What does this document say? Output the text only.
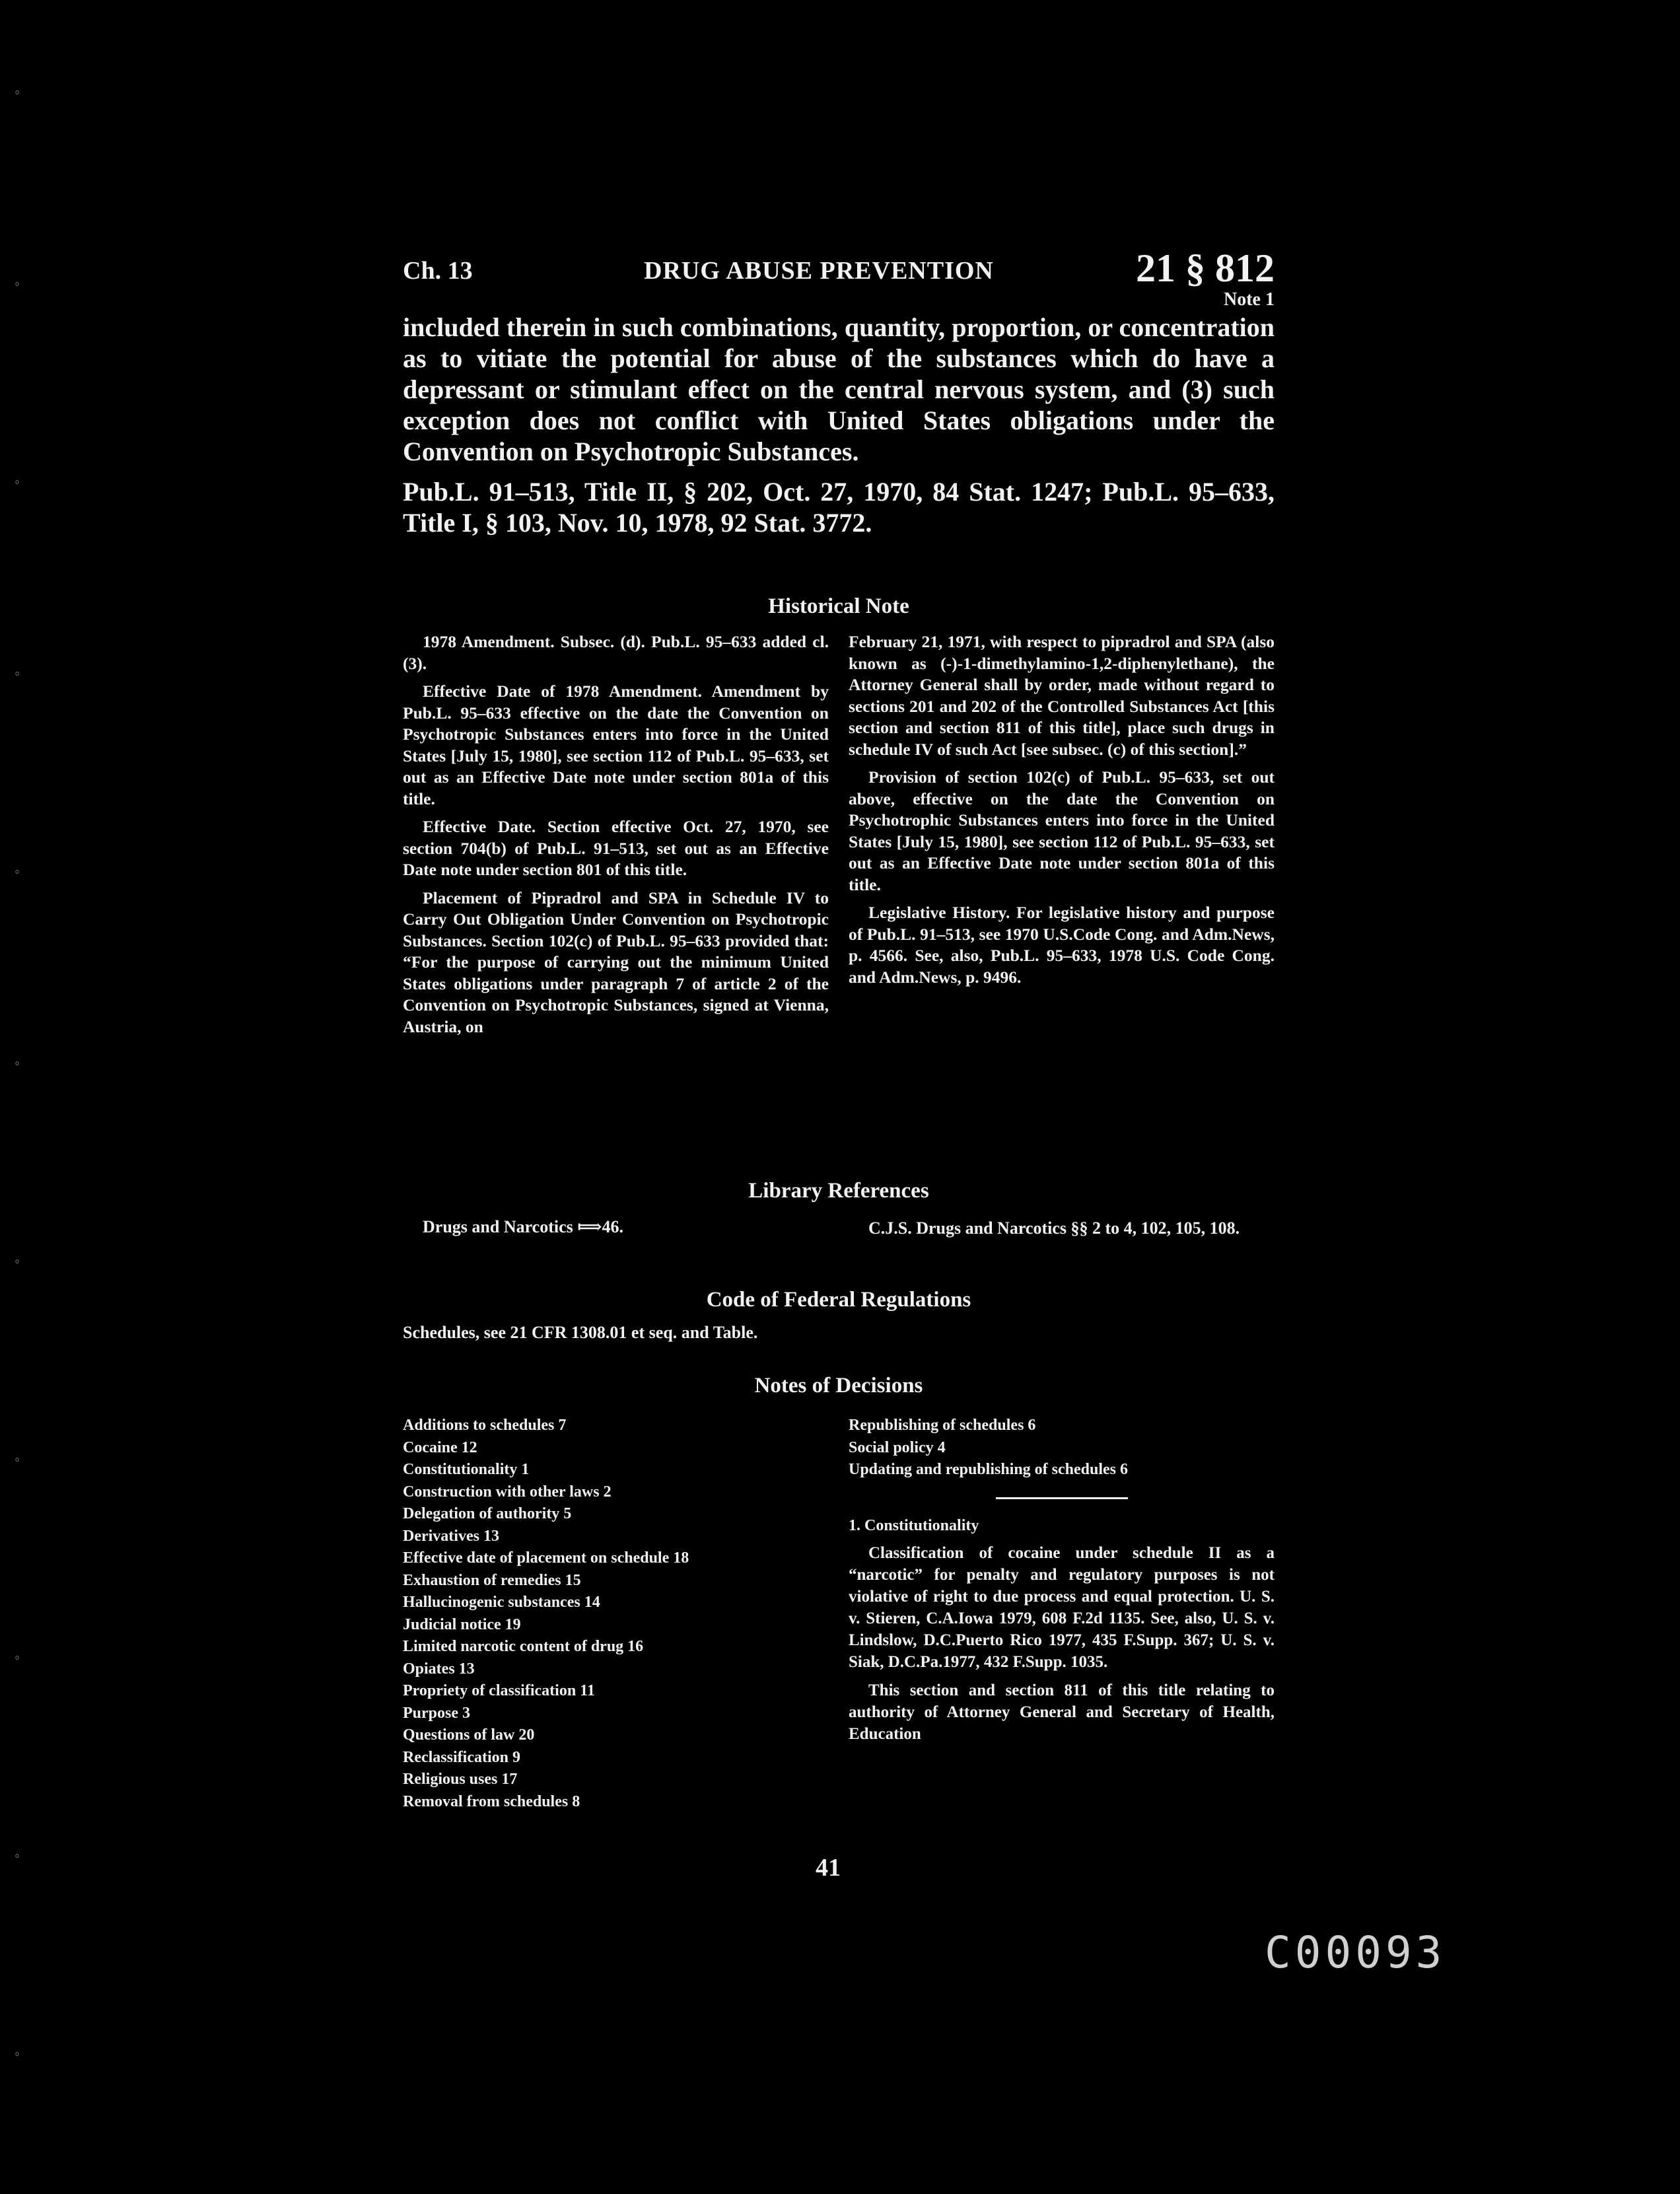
ﾟ
ﾟ
ﾟ
ﾟ
ﾟ
ﾟ
ﾟ
ﾟ
ﾟ
ﾟ
ﾟ
Ch. 13	DRUG ABUSE PREVENTION	21 § 812
Note 1

included therein in such combinations, quantity, proportion, or concentration as to vitiate the potential for abuse of the substances which do have a depressant or stimulant effect on the central nervous system, and (3) such exception does not conflict with United States obligations under the Convention on Psychotropic Substances.

Pub.L. 91–513, Title II, § 202, Oct. 27, 1970, 84 Stat. 1247; Pub.L. 95–633, Title I, § 103, Nov. 10, 1978, 92 Stat. 3772.

Historical Note

1978 Amendment. Subsec. (d). Pub.L. 95–633 added cl. (3).

Effective Date of 1978 Amendment. Amendment by Pub.L. 95–633 effective on the date the Convention on Psychotropic Substances enters into force in the United States [July 15, 1980], see section 112 of Pub.L. 95–633, set out as an Effective Date note under section 801a of this title.

Effective Date. Section effective Oct. 27, 1970, see section 704(b) of Pub.L. 91–513, set out as an Effective Date note under section 801 of this title.

Placement of Pipradrol and SPA in Schedule IV to Carry Out Obligation Under Convention on Psychotropic Substances. Section 102(c) of Pub.L. 95–633 provided that: “For the purpose of carrying out the minimum United States obligations under paragraph 7 of article 2 of the Convention on Psychotropic Substances, signed at Vienna, Austria, on

February 21, 1971, with respect to pipradrol and SPA (also known as (-)-1-dimethylamino-1,2-diphenylethane), the Attorney General shall by order, made without regard to sections 201 and 202 of the Controlled Substances Act [this section and section 811 of this title], place such drugs in schedule IV of such Act [see subsec. (c) of this section].”

Provision of section 102(c) of Pub.L. 95–633, set out above, effective on the date the Convention on Psychotrophic Substances enters into force in the United States [July 15, 1980], see section 112 of Pub.L. 95–633, set out as an Effective Date note under section 801a of this title.

Legislative History. For legislative history and purpose of Pub.L. 91–513, see 1970 U.S.Code Cong. and Adm.News, p. 4566. See, also, Pub.L. 95–633, 1978 U.S. Code Cong. and Adm.News, p. 9496.

Library References
Drugs and Narcotics ⟾46.	C.J.S. Drugs and Narcotics §§ 2 to 4, 102, 105, 108.
Code of Federal Regulations
Schedules, see 21 CFR 1308.01 et seq. and Table.
Notes of Decisions
Additions to schedules 7
Cocaine 12
Constitutionality 1
Construction with other laws 2
Delegation of authority 5
Derivatives 13
Effective date of placement on schedule 18
Exhaustion of remedies 15
Hallucinogenic substances 14
Judicial notice 19
Limited narcotic content of drug 16
Opiates 13
Propriety of classification 11
Purpose 3
Questions of law 20
Reclassification 9
Religious uses 17
Removal from schedules 8
Republishing of schedules 6
Social policy 4
Updating and republishing of schedules 6
1. Constitutionality
Classification of cocaine under schedule II as a “narcotic” for penalty and regulatory purposes is not violative of right to due process and equal protection. U. S. v. Stieren, C.A.Iowa 1979, 608 F.2d 1135. See, also, U. S. v. Lindslow, D.C.Puerto Rico 1977, 435 F.Supp. 367; U. S. v. Siak, D.C.Pa.1977, 432 F.Supp. 1035.
This section and section 811 of this title relating to authority of Attorney General and Secretary of Health, Education
41
C00093
